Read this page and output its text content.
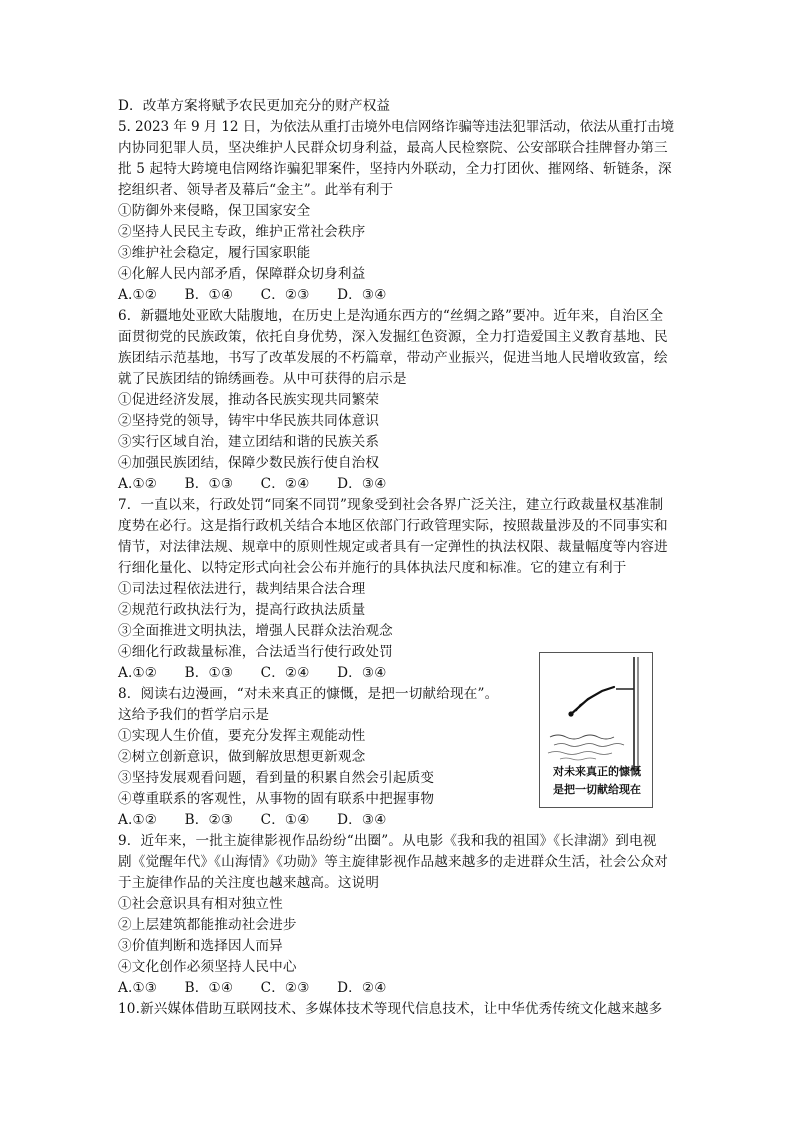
D．改革方案将赋予农民更加充分的财产权益
5. 2023 年 9 月 12 日，为依法从重打击境外电信网络诈骗等违法犯罪活动，依法从重打击境
内协同犯罪人员，坚决维护人民群众切身利益，最高人民检察院、公安部联合挂牌督办第三
批 5 起特大跨境电信网络诈骗犯罪案件，坚持内外联动，全力打团伙、摧网络、斩链条，深
挖组织者、领导者及幕后“金主”。此举有利于
①防御外来侵略，保卫国家安全
②坚持人民民主专政，维护正常社会秩序
③维护社会稳定，履行国家职能
④化解人民内部矛盾，保障群众切身利益
A.①②　　B．①④　　C．②③　　D．③④
6．新疆地处亚欧大陆腹地，在历史上是沟通东西方的“丝绸之路”要冲。近年来，自治区全
面贯彻党的民族政策，依托自身优势，深入发掘红色资源，全力打造爱国主义教育基地、民
族团结示范基地，书写了改革发展的不朽篇章，带动产业振兴，促进当地人民增收致富，绘
就了民族团结的锦绣画卷。从中可获得的启示是
①促进经济发展，推动各民族实现共同繁荣
②坚持党的领导，铸牢中华民族共同体意识
③实行区域自治，建立团结和谐的民族关系
④加强民族团结，保障少数民族行使自治权
A.①②　　B．①③　　C．②④　　D．③④
7．一直以来，行政处罚“同案不同罚”现象受到社会各界广泛关注，建立行政裁量权基准制
度势在必行。这是指行政机关结合本地区依部门行政管理实际，按照裁量涉及的不同事实和
情节，对法律法规、规章中的原则性规定或者具有一定弹性的执法权限、裁量幅度等内容进
行细化量化、以特定形式向社会公布并施行的具体执法尺度和标准。它的建立有利于
①司法过程依法进行，裁判结果合法合理
②规范行政执法行为，提高行政执法质量
③全面推进文明执法，增强人民群众法治观念
④细化行政裁量标准，合法适当行使行政处罚
A.①②　　B．①③　　C．②④　　D．③④
8．阅读右边漫画，“对未来真正的慷慨，是把一切献给现在”。
这给予我们的哲学启示是
①实现人生价值，要充分发挥主观能动性
②树立创新意识，做到解放思想更新观念
③坚持发展观看问题，看到量的积累自然会引起质变
④尊重联系的客观性，从事物的固有联系中把握事物
A.①②　　B．②③　　C．①④　　D．③④
9．近年来，一批主旋律影视作品纷纷“出圈”。从电影《我和我的祖国》《长津湖》到电视
剧《觉醒年代》《山海情》《功勋》等主旋律影视作品越来越多的走进群众生活，社会公众对
于主旋律作品的关注度也越来越高。这说明
①社会意识具有相对独立性
②上层建筑都能推动社会进步
③价值判断和选择因人而异
④文化创作必须坚持人民中心
A.①③　　B．①④　　C．②③　　D．②④
10.新兴媒体借助互联网技术、多媒体技术等现代信息技术，让中华优秀传统文化越来越多
对未来真正的慷慨
是把一切献给现在
